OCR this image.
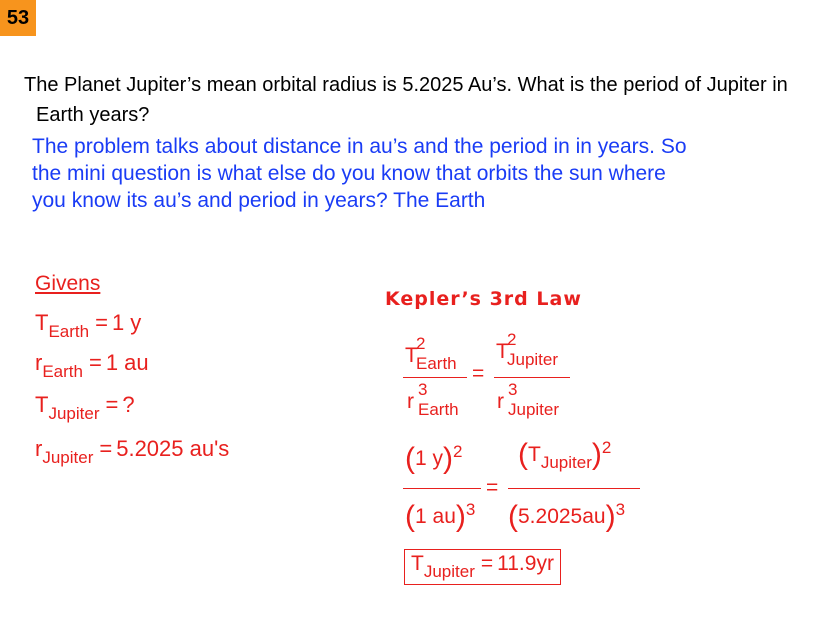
53
The Planet Jupiter’s mean orbital radius is 5.2025 Au’s. What is the period of Jupiter in
Earth years?
The problem talks about distance in au’s and the period in in years. So
the mini question is what else do you know that orbits the sun where
you know its au’s and period in years? The Earth
Givens
$T_{Earth} = 1$ y
$r_{Earth} = 1$ au
$T_{Jupiter}$ = ?
$r_{Jupiter} = 5.2025$ au's
Kepler’s 3rd Law
T
2
Earth
r
3
Earth
=
T
2
Jupiter
r
3
Jupiter
(1 y)$^2$
(1 au)$^3$
=
$(T_{Jupiter})^2$
$(5.2025au)^3$
$T_{Jupiter} = 11.9yr$
